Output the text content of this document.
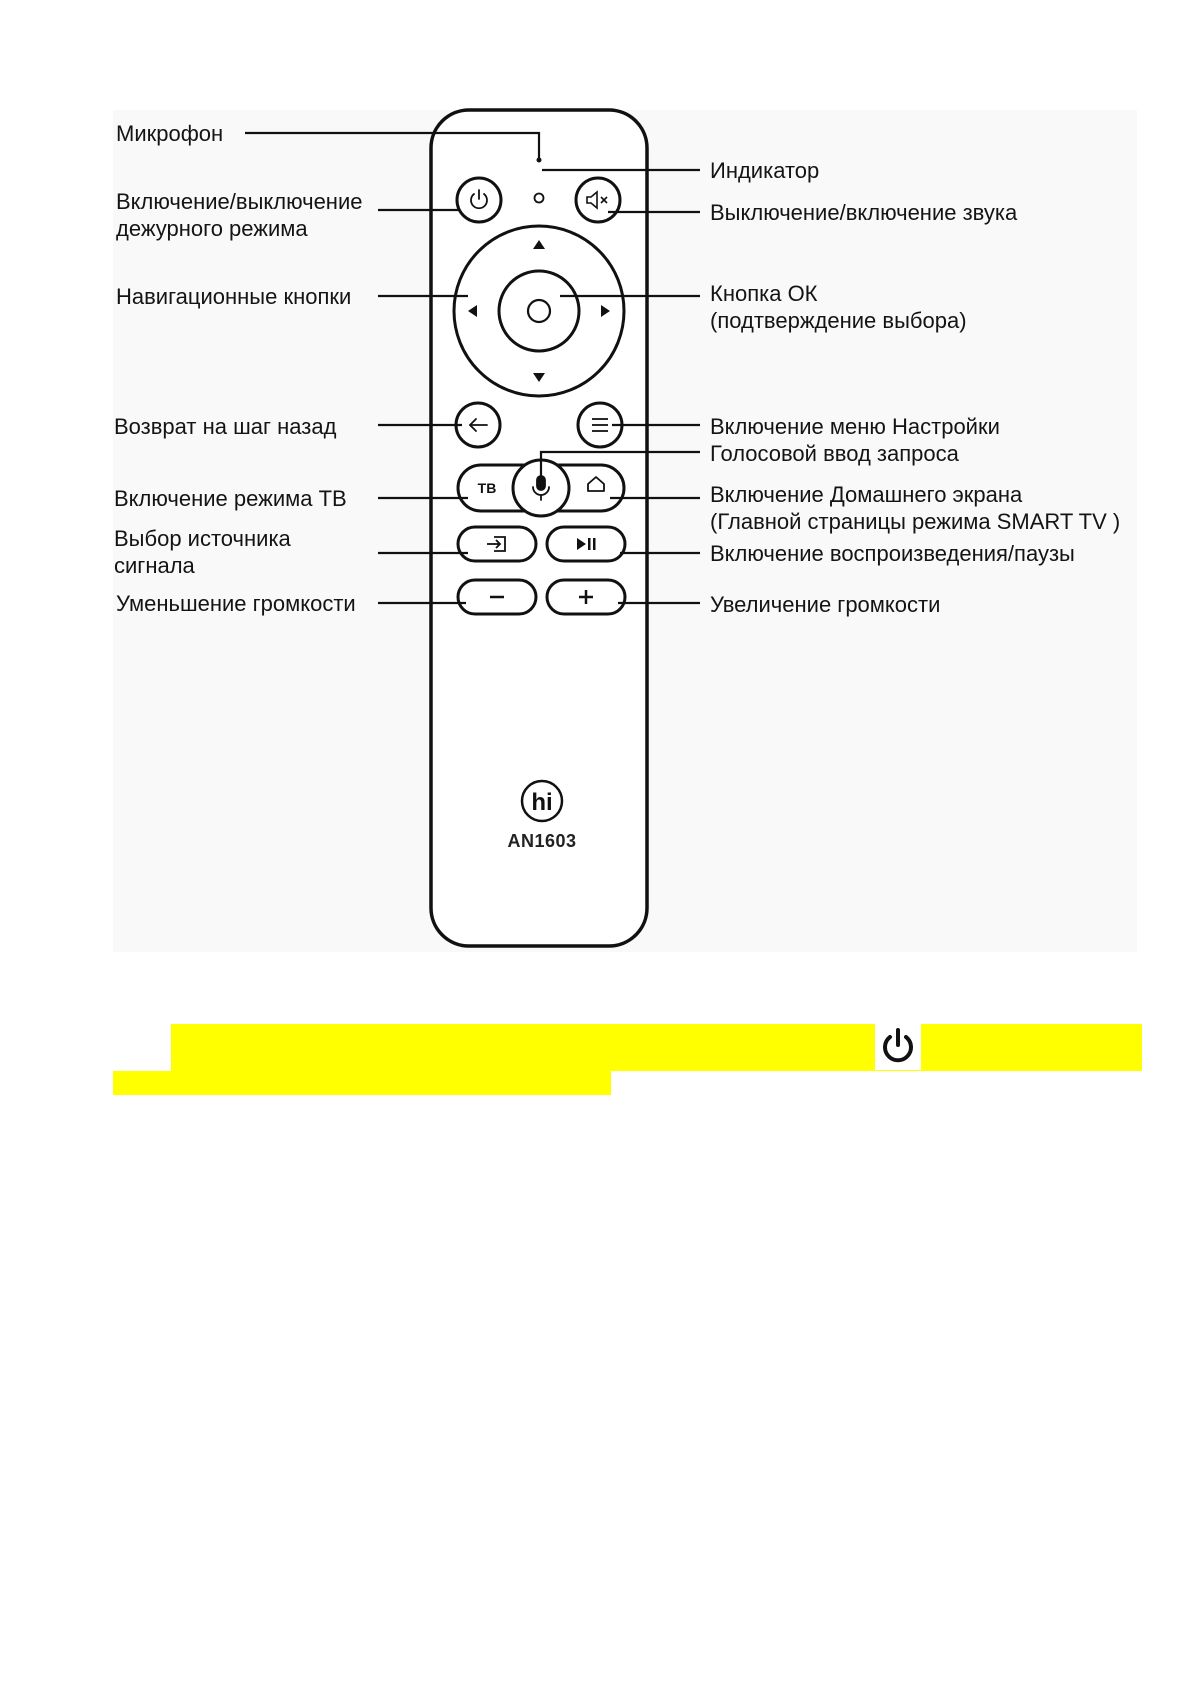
ТВ
hi
Микрофон
Включение/выключение
дежурного режима
Навигационные кнопки
Возврат на шаг назад
Включение режима ТВ
Выбор источника
сигнала
Уменьшение громкости
Индикатор
Выключение/включение звука
Кнопка ОК
(подтверждение выбора)
Включение меню Настройки
Голосовой ввод запроса
Включение Домашнего экрана
(Главной страницы режима SMART TV )
Включение воспроизведения/паузы
Увеличение громкости
AN1603
